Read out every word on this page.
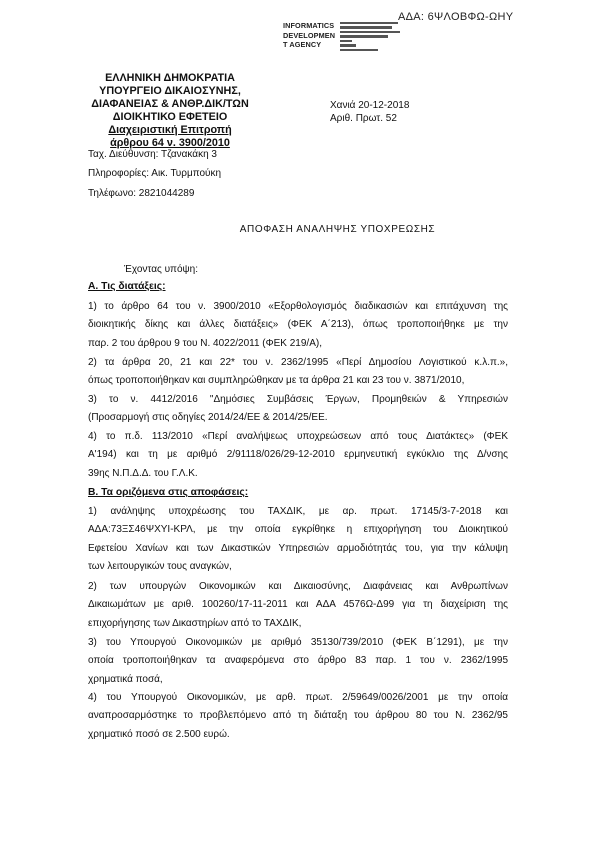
ΑΔΑ: 6ΨΛΟΒΦΩ-ΩΗΥ
INFORMATICS
DEVELOPMEN
T AGENCY
ΕΛΛΗΝΙΚΗ ΔΗΜΟΚΡΑΤΙΑ
ΥΠΟΥΡΓΕΙΟ ΔΙΚΑΙΟΣΥΝΗΣ,
ΔΙΑΦΑΝΕΙΑΣ & ΑΝΘΡ.ΔΙΚ/ΤΩΝ
ΔΙΟΙΚΗΤΙΚΟ ΕΦΕΤΕΙΟ
Διαχειριστική Επιτροπή
άρθρου 64 ν. 3900/2010
Χανιά 20-12-2018
Αριθ. Πρωτ. 52
Ταχ. Διεύθυνση: Τζανακάκη 3
Πληροφορίες: Αικ. Τυρμπούκη
Τηλέφωνο: 2821044289
ΑΠΟΦΑΣΗ ΑΝΑΛΗΨΗΣ ΥΠΟΧΡΕΩΣΗΣ
Έχοντας υπόψη:
Α. Τις διατάξεις:
1) το άρθρο 64 του ν. 3900/2010 «Εξορθολογισμός διαδικασιών και επιτάχυνση της
διοικητικής δίκης και άλλες διατάξεις» (ΦΕΚ Α΄213), όπως τροποποιήθηκε με την
παρ. 2 του άρθρου 9 του Ν. 4022/2011 (ΦΕΚ 219/Α),
2) τα άρθρα 20, 21 και 22* του ν. 2362/1995 «Περί Δημοσίου Λογιστικού κ.λ.π.»,
όπως τροποποιήθηκαν και συμπληρώθηκαν με τα άρθρα 21 και 23 του ν. 3871/2010,
3) το ν. 4412/2016 "Δημόσιες Συμβάσεις Έργων, Προμηθειών & Υπηρεσιών
(Προσαρμογή στις οδηγίες 2014/24/ΕΕ & 2014/25/ΕΕ.
4) το π.δ. 113/2010 «Περί αναλήψεως υποχρεώσεων από τους Διατάκτες» (ΦΕΚ
Α'194) και τη με αριθμό 2/91118/026/29-12-2010 ερμηνευτική εγκύκλιο της Δ/νσης
39ης Ν.Π.Δ.Δ. του Γ.Λ.Κ.
Β. Τα οριζόμενα στις αποφάσεις:
1) ανάληψης υποχρέωσης του ΤΑΧΔΙΚ, με αρ. πρωτ. 17145/3-7-2018 και
ΑΔΑ:73ΞΣ46ΨΧΥΙ-ΚΡΛ, με την οποία εγκρίθηκε η επιχορήγηση του Διοικητικού
Εφετείου Χανίων και των Δικαστικών Υπηρεσιών αρμοδιότητάς του, για την κάλυψη
των λειτουργικών τους αναγκών,
2) των υπουργών Οικονομικών και Δικαιοσύνης, Διαφάνειας και Ανθρωπίνων
Δικαιωμάτων με αριθ. 100260/17-11-2011 και ΑΔΑ 4576Ω-Δ99 για τη διαχείριση της
επιχορήγησης των Δικαστηρίων από το ΤΑΧΔΙΚ,
3) του Υπουργού Οικονομικών με αριθμό 35130/739/2010 (ΦΕΚ Β΄1291), με την
οποία τροποποιήθηκαν τα αναφερόμενα στο άρθρο 83 παρ. 1 του ν. 2362/1995
χρηματικά ποσά,
4) του Υπουργού Οικονομικών, με αρθ. πρωτ. 2/59649/0026/2001 με την οποία
αναπροσαρμόστηκε το προβλεπόμενο από τη διάταξη του άρθρου 80 του Ν. 2362/95
χρηματικό ποσό σε 2.500 ευρώ.
